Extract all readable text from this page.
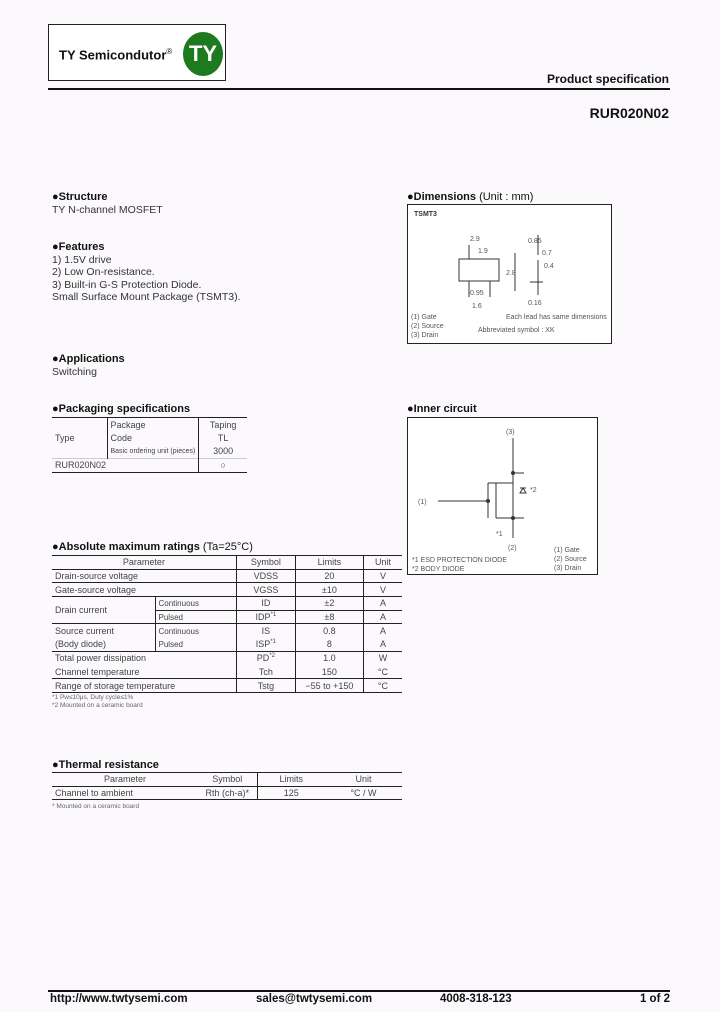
TY Semicondutor® TY
Product specification
RUR020N02
●Structure
TY N-channel MOSFET
●Features
1) 1.5V drive
2) Low On-resistance.
3) Built-in G-S Protection Diode.
Small Surface Mount Package (TSMT3).
●Applications
Switching
●Packaging specifications
Type	Package	Taping
	Code	TL
	Basic ordering unit (pieces)	3000
RUR020N02		○
●Absolute maximum ratings (Ta=25°C)
Parameter		Symbol	Limits	Unit
Drain-source voltage		VDSS	20	V
Gate-source voltage		VGSS	±10	V
Drain current	Continuous	ID	±2	A
	Pulsed	$IDP^{*1}$	±8	A
Source current	Continuous	IS	0.8	A
(Body diode)	Pulsed	ISP$^{*1}$	8	A
Total power dissipation		PD$^{*2}$	1.0	W
Channel temperature		Tch	150	°C
Range of storage temperature		Tstg	−55 to +150	°C
*1 Pw≤10μs, Duty cycle≤1%
*2 Mounted on a ceramic board
●Thermal resistance
Parameter	Symbol	Limits	Unit
Channel to ambient	Rth (ch-a)*	125	°C / W
* Mounted on a ceramic board
●Dimensions (Unit : mm)
TSMT3
2.9
1.9
0.85
0.7
2.8
0.4
0.95
1.6	0.16
(1) Gate
(2) Source
(3) Drain
Each lead has same dimensions
Abbreviated symbol : XK
●Inner circuit
(3)
(1)
(2)
*2
*1
*1 ESD PROTECTION DIODE
*2 BODY DIODE
(1) Gate
(2) Source
(3) Drain
http://www.twtysemi.com	sales@twtysemi.com	4008-318-123	1 of 2
